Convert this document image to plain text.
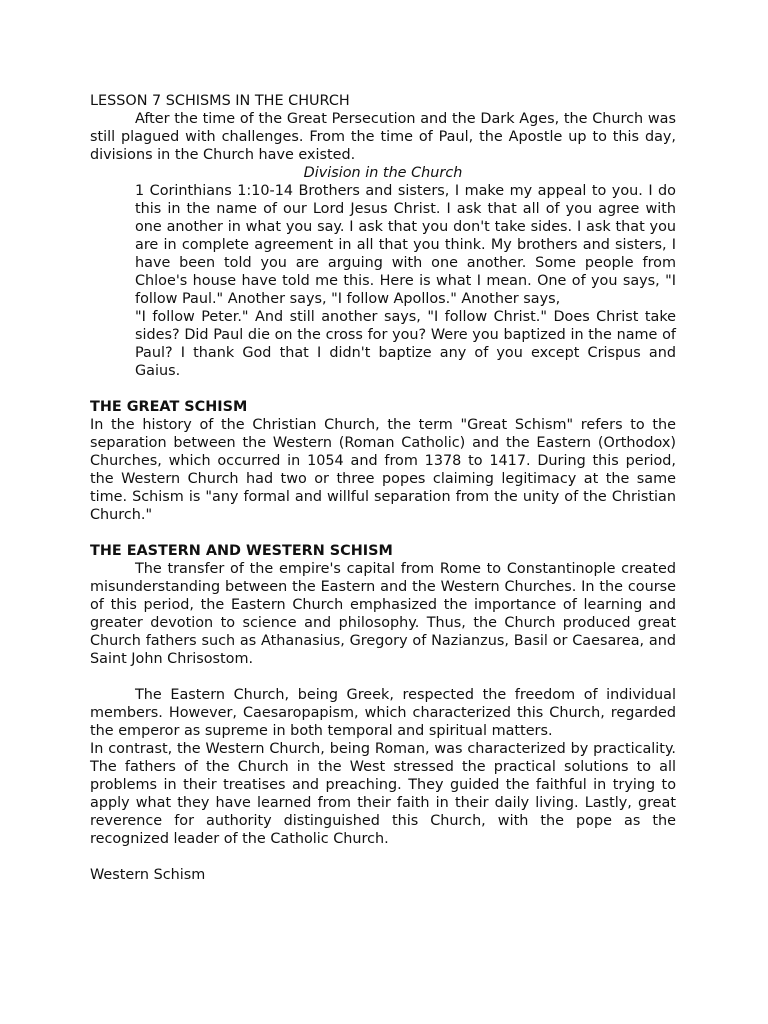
LESSON 7 SCHISMS IN THE CHURCH

After the time of the Great Persecution and the Dark Ages, the Church was still plagued with challenges. From the time of Paul, the Apostle up to this day, divisions in the Church have existed.

Division in the Church

1 Corinthians 1:10-14 Brothers and sisters, I make my appeal to you. I do this in the name of our Lord Jesus Christ. I ask that all of you agree with one another in what you say. I ask that you don't take sides. I ask that you are in complete agreement in all that you think. My brothers and sisters, I have been told you are arguing with one another. Some people from Chloe's house have told me this. Here is what I mean. One of you says, "I follow Paul." Another says, "I follow Apollos." Another says,

"I follow Peter." And still another says, "I follow Christ." Does Christ take sides? Did Paul die on the cross for you? Were you baptized in the name of Paul? I thank God that I didn't baptize any of you except Crispus and Gaius.

THE GREAT SCHISM

In the history of the Christian Church, the term "Great Schism" refers to the separation between the Western (Roman Catholic) and the Eastern (Orthodox) Churches, which occurred in 1054 and from 1378 to 1417. During this period, the Western Church had two or three popes claiming legitimacy at the same time. Schism is "any formal and willful separation from the unity of the Christian Church."

THE EASTERN AND WESTERN SCHISM

The transfer of the empire's capital from Rome to Constantinople created misunderstanding between the Eastern and the Western Churches. In the course of this period, the Eastern Church emphasized the importance of learning and greater devotion to science and philosophy. Thus, the Church produced great Church fathers such as Athanasius, Gregory of Nazianzus, Basil or Caesarea, and Saint John Chrisostom.

The Eastern Church, being Greek, respected the freedom of individual members. However, Caesaropapism, which characterized this Church, regarded the emperor as supreme in both temporal and spiritual matters.

In contrast, the Western Church, being Roman, was characterized by practicality. The fathers of the Church in the West stressed the practical solutions to all problems in their treatises and preaching. They guided the faithful in trying to apply what they have learned from their faith in their daily living. Lastly, great reverence for authority distinguished this Church, with the pope as the recognized leader of the Catholic Church.

Western Schism
